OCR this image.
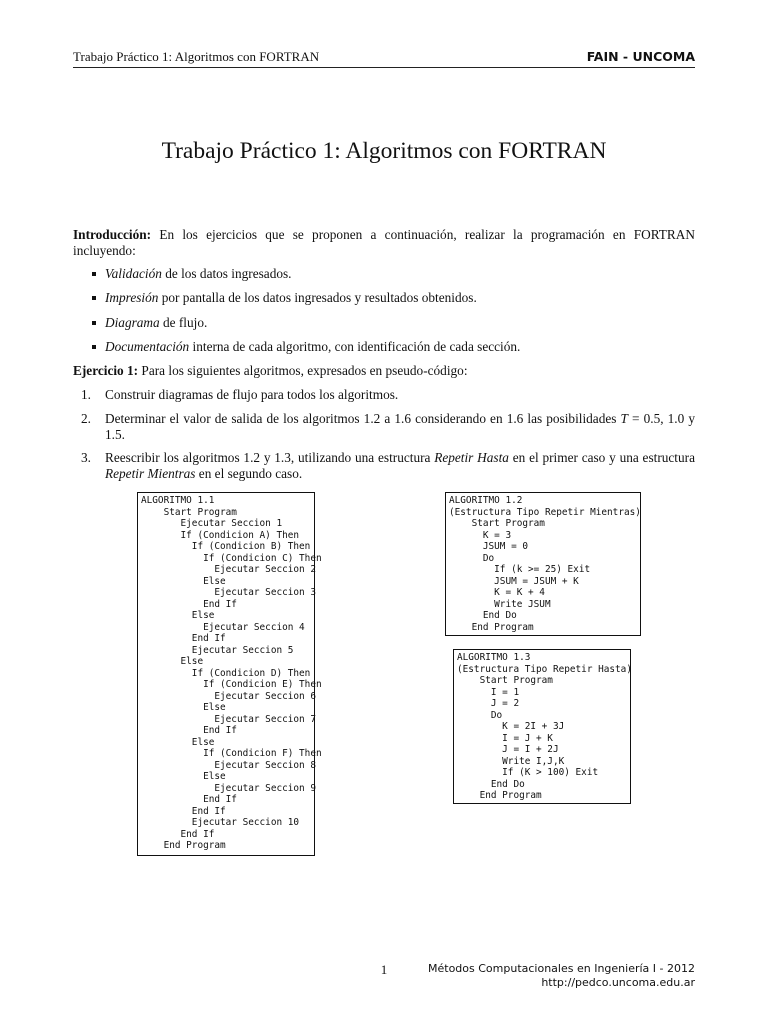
Trabajo Práctico 1: Algoritmos con FORTRAN	FAIN - UNCOMA
Trabajo Práctico 1: Algoritmos con FORTRAN
Introducción: En los ejercicios que se proponen a continuación, realizar la programación en FORTRAN incluyendo:
Validación de los datos ingresados.
Impresión por pantalla de los datos ingresados y resultados obtenidos.
Diagrama de flujo.
Documentación interna de cada algoritmo, con identificación de cada sección.
Ejercicio 1: Para los siguientes algoritmos, expresados en pseudo-código:
1. Construir diagramas de flujo para todos los algoritmos.
2. Determinar el valor de salida de los algoritmos 1.2 a 1.6 considerando en 1.6 las posibilidades T = 0.5, 1.0 y 1.5.
3. Reescribir los algoritmos 1.2 y 1.3, utilizando una estructura Repetir Hasta en el primer caso y una estructura Repetir Mientras en el segundo caso.
ALGORITMO 1.1
Start Program
Ejecutar Seccion 1
If (Condicion A) Then
If (Condicion B) Then
If (Condicion C) Then
Ejecutar Seccion 2
Else
Ejecutar Seccion 3
End If
Else
Ejecutar Seccion 4
End If
Ejecutar Seccion 5
Else
If (Condicion D) Then
If (Condicion E) Then
Ejecutar Seccion 6
Else
Ejecutar Seccion 7
End If
Else
If (Condicion F) Then
Ejecutar Seccion 8
Else
Ejecutar Seccion 9
End If
End If
Ejecutar Seccion 10
End If
End Program
ALGORITMO 1.2
(Estructura Tipo Repetir Mientras)
Start Program
K = 3
JSUM = 0
Do
If (k >= 25) Exit
JSUM = JSUM + K
K = K + 4
Write JSUM
End Do
End Program
ALGORITMO 1.3
(Estructura Tipo Repetir Hasta)
Start Program
I = 1
J = 2
Do
K = 2I + 3J
I = J + K
J = I + 2J
Write I,J,K
If (K > 100) Exit
End Do
End Program
1	Métodos Computacionales en Ingeniería I - 2012
http://pedco.uncoma.edu.ar
